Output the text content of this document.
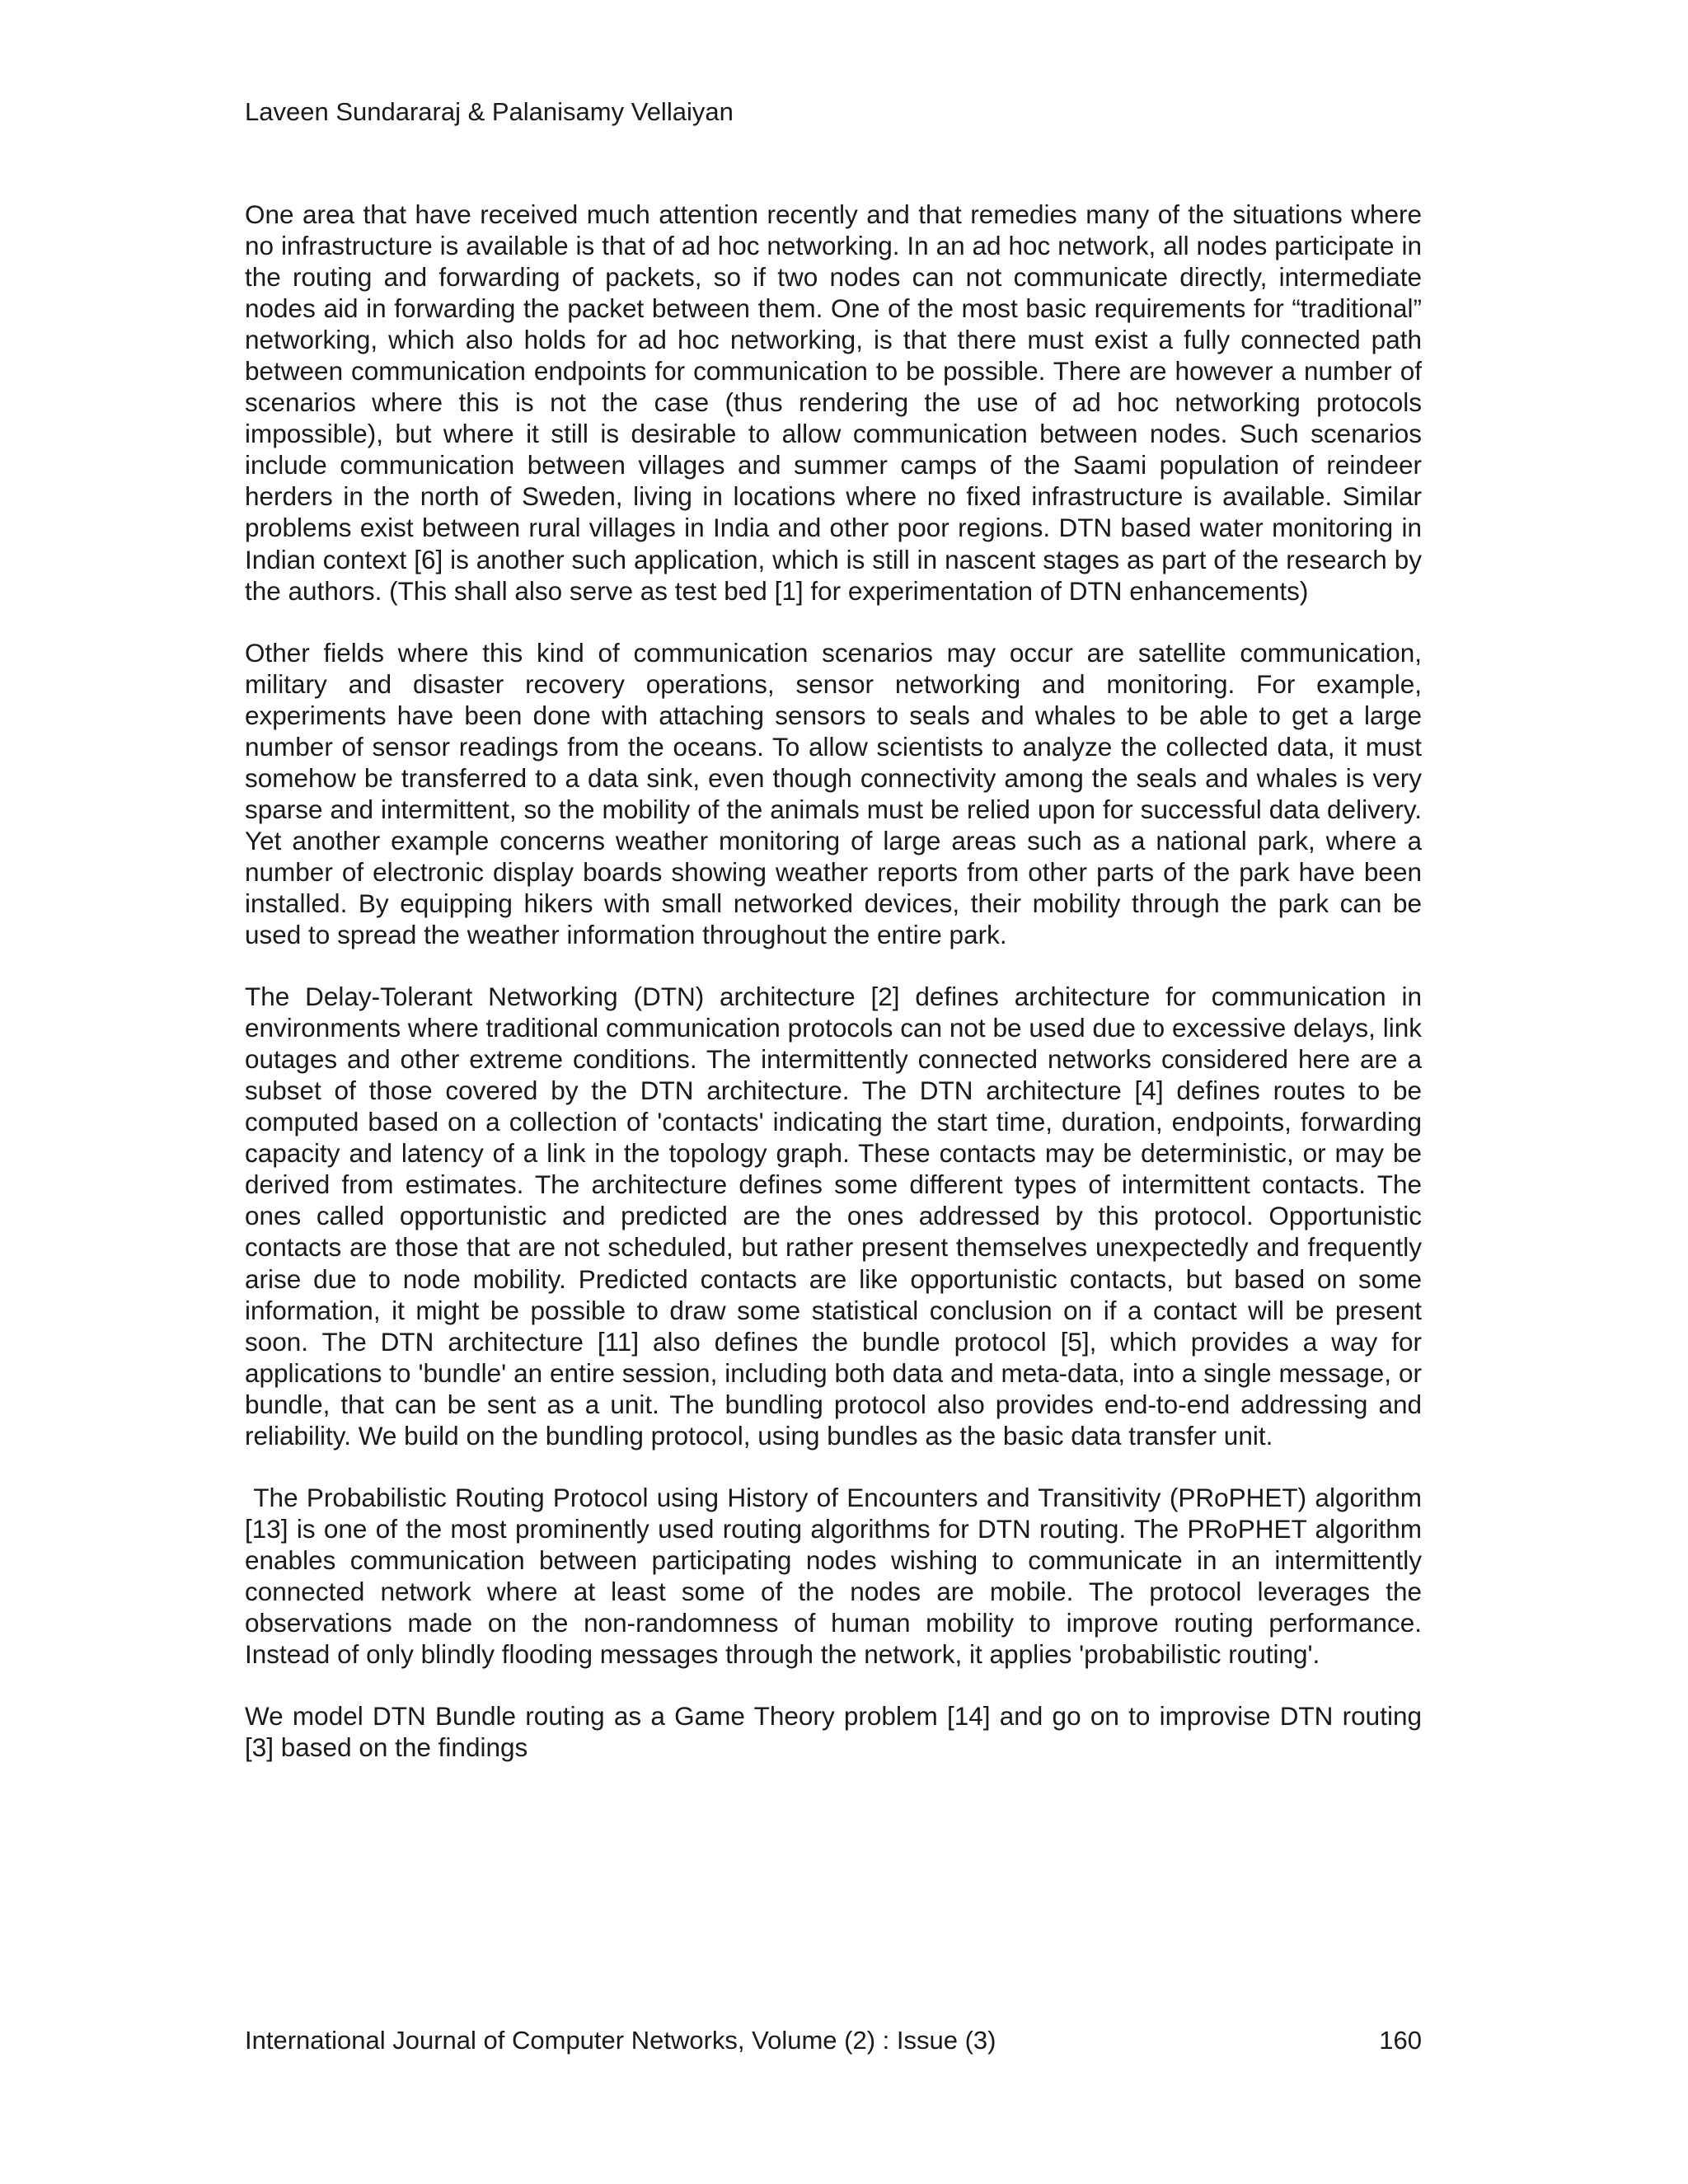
Laveen Sundararaj & Palanisamy Vellaiyan

One area that have received much attention recently and that remedies many of the situations where no infrastructure is available is that of ad hoc networking. In an ad hoc network, all nodes participate in the routing and forwarding of packets, so if two nodes can not communicate directly, intermediate nodes aid in forwarding the packet between them. One of the most basic requirements for “traditional” networking, which also holds for ad hoc networking, is that there must exist a fully connected path between communication endpoints for communication to be possible. There are however a number of scenarios where this is not the case (thus rendering the use of ad hoc networking protocols impossible), but where it still is desirable to allow communication between nodes. Such scenarios include communication between villages and summer camps of the Saami population of reindeer herders in the north of Sweden, living in locations where no fixed infrastructure is available. Similar problems exist between rural villages in India and other poor regions. DTN based water monitoring in Indian context [6] is another such application, which is still in nascent stages as part of the research by the authors. (This shall also serve as test bed [1] for experimentation of DTN enhancements)

Other fields where this kind of communication scenarios may occur are satellite communication, military and disaster recovery operations, sensor networking and monitoring. For example, experiments have been done with attaching sensors to seals and whales to be able to get a large number of sensor readings from the oceans. To allow scientists to analyze the collected data, it must somehow be transferred to a data sink, even though connectivity among the seals and whales is very sparse and intermittent, so the mobility of the animals must be relied upon for successful data delivery. Yet another example concerns weather monitoring of large areas such as a national park, where a number of electronic display boards showing weather reports from other parts of the park have been installed. By equipping hikers with small networked devices, their mobility through the park can be used to spread the weather information throughout the entire park.

The Delay-Tolerant Networking (DTN) architecture [2] defines architecture for communication in environments where traditional communication protocols can not be used due to excessive delays, link outages and other extreme conditions. The intermittently connected networks considered here are a subset of those covered by the DTN architecture. The DTN architecture [4] defines routes to be computed based on a collection of 'contacts' indicating the start time, duration, endpoints, forwarding capacity and latency of a link in the topology graph. These contacts may be deterministic, or may be derived from estimates. The architecture defines some different types of intermittent contacts. The ones called opportunistic and predicted are the ones addressed by this protocol. Opportunistic contacts are those that are not scheduled, but rather present themselves unexpectedly and frequently arise due to node mobility. Predicted contacts are like opportunistic contacts, but based on some information, it might be possible to draw some statistical conclusion on if a contact will be present soon. The DTN architecture [11] also defines the bundle protocol [5], which provides a way for applications to 'bundle' an entire session, including both data and meta-data, into a single message, or bundle, that can be sent as a unit. The bundling protocol also provides end-to-end addressing and reliability. We build on the bundling protocol, using bundles as the basic data transfer unit.

The Probabilistic Routing Protocol using History of Encounters and Transitivity (PRoPHET) algorithm [13] is one of the most prominently used routing algorithms for DTN routing. The PRoPHET algorithm enables communication between participating nodes wishing to communicate in an intermittently connected network where at least some of the nodes are mobile. The protocol leverages the observations made on the non-randomness of human mobility to improve routing performance. Instead of only blindly flooding messages through the network, it applies 'probabilistic routing'.

We model DTN Bundle routing as a Game Theory problem [14] and go on to improvise DTN routing [3] based on the findings

International Journal of Computer Networks, Volume (2) : Issue (3)	160
